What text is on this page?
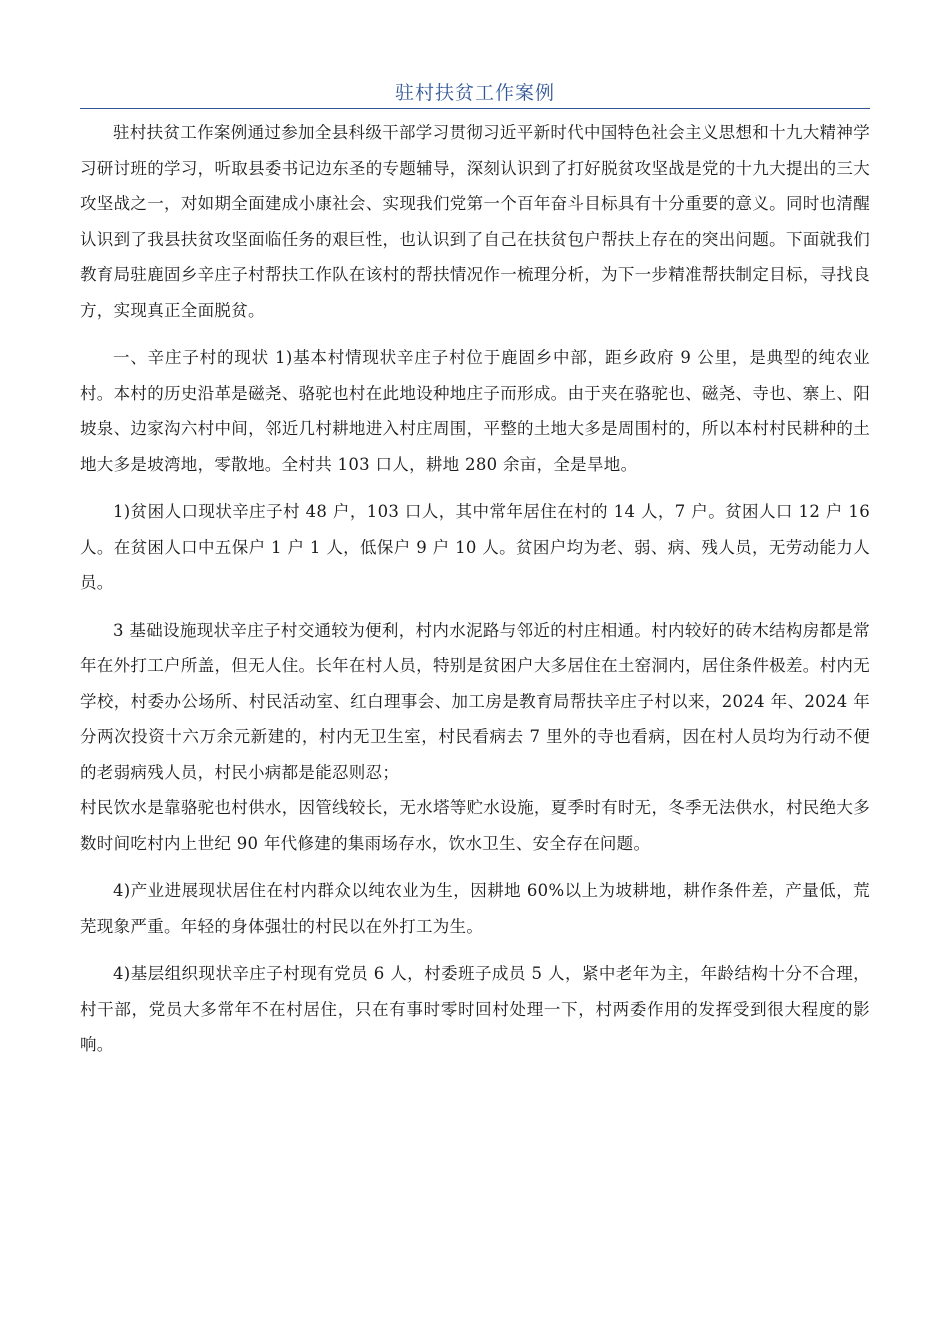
驻村扶贫工作案例

驻村扶贫工作案例通过参加全县科级干部学习贯彻习近平新时代中国特色社会主义思想和十九大精神学习研讨班的学习，听取县委书记边东圣的专题辅导，深刻认识到了打好脱贫攻坚战是党的十九大提出的三大攻坚战之一，对如期全面建成小康社会、实现我们党第一个百年奋斗目标具有十分重要的意义。同时也清醒认识到了我县扶贫攻坚面临任务的艰巨性，也认识到了自己在扶贫包户帮扶上存在的突出问题。下面就我们教育局驻鹿固乡辛庄子村帮扶工作队在该村的帮扶情况作一梳理分析，为下一步精准帮扶制定目标，寻找良方，实现真正全面脱贫。

一、辛庄子村的现状 1)基本村情现状辛庄子村位于鹿固乡中部，距乡政府 9 公里，是典型的纯农业村。本村的历史沿革是磁尧、骆驼也村在此地设种地庄子而形成。由于夹在骆驼也、磁尧、寺也、寨上、阳坡泉、边家沟六村中间，邻近几村耕地进入村庄周围，平整的土地大多是周围村的，所以本村村民耕种的土地大多是坡湾地，零散地。全村共 103 口人，耕地 280 余亩，全是旱地。

1)贫困人口现状辛庄子村 48 户，103 口人，其中常年居住在村的 14 人，7 户。贫困人口 12 户 16 人。在贫困人口中五保户 1 户 1 人，低保户 9 户 10 人。贫困户均为老、弱、病、残人员，无劳动能力人员。

3 基础设施现状辛庄子村交通较为便利，村内水泥路与邻近的村庄相通。村内较好的砖木结构房都是常年在外打工户所盖，但无人住。长年在村人员，特别是贫困户大多居住在土窑洞内，居住条件极差。村内无学校，村委办公场所、村民活动室、红白理事会、加工房是教育局帮扶辛庄子村以来，2024 年、2024 年分两次投资十六万余元新建的，村内无卫生室，村民看病去 7 里外的寺也看病，因在村人员均为行动不便的老弱病残人员，村民小病都是能忍则忍；

村民饮水是靠骆驼也村供水，因管线较长，无水塔等贮水设施，夏季时有时无，冬季无法供水，村民绝大多数时间吃村内上世纪 90 年代修建的集雨场存水，饮水卫生、安全存在问题。

4)产业进展现状居住在村内群众以纯农业为生，因耕地 60%以上为坡耕地，耕作条件差，产量低，荒芜现象严重。年轻的身体强壮的村民以在外打工为生。

4)基层组织现状辛庄子村现有党员 6 人，村委班子成员 5 人，紧中老年为主，年龄结构十分不合理，村干部，党员大多常年不在村居住，只在有事时零时回村处理一下，村两委作用的发挥受到很大程度的影响。
